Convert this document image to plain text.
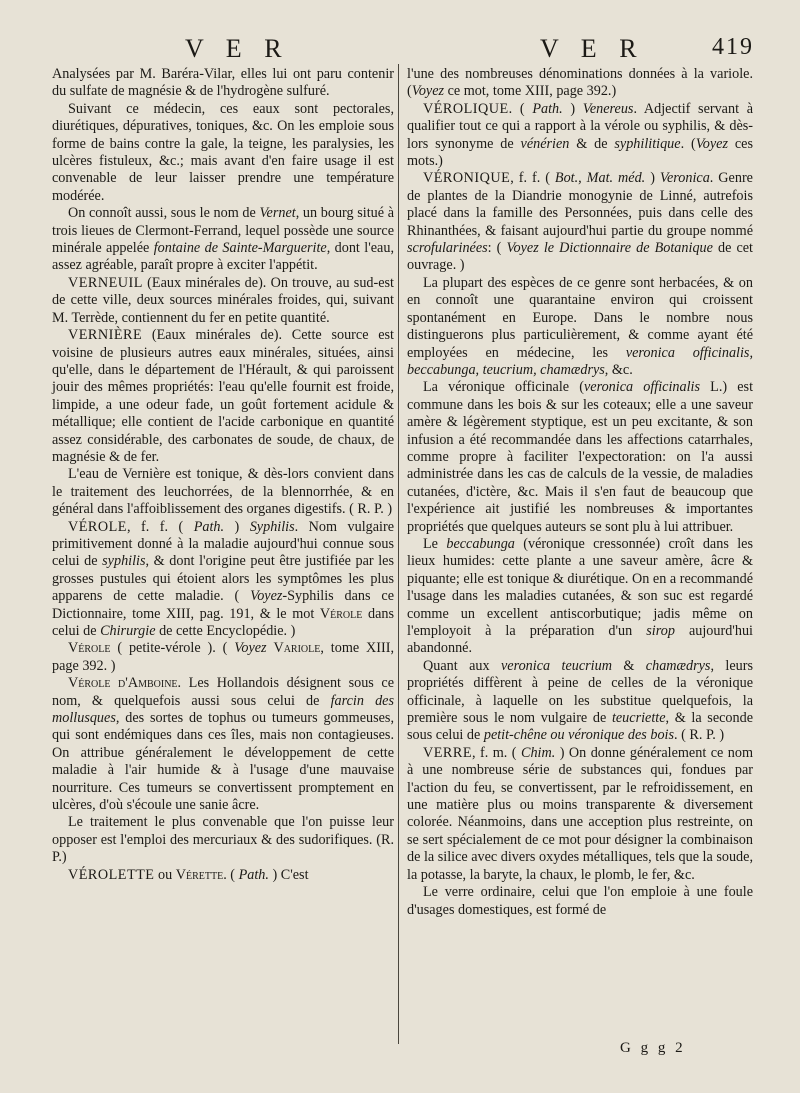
V E R	V E R	419

Analysées par M. Baréra-Vilar, elles lui ont paru contenir du sulfate de magnésie & de l'hydrogène sulfuré.

Suivant ce médecin, ces eaux sont pectorales, diurétiques, dépuratives, toniques, &c. On les emploie sous forme de bains contre la gale, la teigne, les paralysies, les ulcères fistuleux, &c.; mais avant d'en faire usage il est convenable de leur laisser prendre une température modérée.

On connoît aussi, sous le nom de Vernet, un bourg situé à trois lieues de Clermont-Ferrand, lequel possède une source minérale appelée fontaine de Sainte-Marguerite, dont l'eau, assez agréable, paraît propre à exciter l'appétit.

VERNEUIL (Eaux minérales de). On trouve, au sud-est de cette ville, deux sources minérales froides, qui, suivant M. Terrède, contiennent du fer en petite quantité.

VERNIÈRE (Eaux minérales de). Cette source est voisine de plusieurs autres eaux minérales, situées, ainsi qu'elle, dans le département de l'Hérault, & qui paroissent jouir des mêmes propriétés: l'eau qu'elle fournit est froide, limpide, a une odeur fade, un goût fortement acidule & métallique; elle contient de l'acide carbonique en quantité assez considérable, des carbonates de soude, de chaux, de magnésie & de fer.

L'eau de Vernière est tonique, & dès-lors convient dans le traitement des leuchorrées, de la blennorrhée, & en général dans l'affoiblissement des organes digestifs. ( R. P. )

VÉROLE, f. f. ( Path. ) Syphilis. Nom vulgaire primitivement donné à la maladie aujourd'hui connue sous celui de syphilis, & dont l'origine peut être justifiée par les grosses pustules qui étoient alors les symptômes les plus apparens de cette maladie. ( Voyez-Syphilis dans ce Dictionnaire, tome XIII, pag. 191, & le mot Vérole dans celui de Chirurgie de cette Encyclopédie. )

Vérole ( petite-vérole ). ( Voyez Variole, tome XIII, page 392. )

Vérole d'Amboine. Les Hollandois désignent sous ce nom, & quelquefois aussi sous celui de farcin des mollusques, des sortes de tophus ou tumeurs gommeuses, qui sont endémiques dans ces îles, mais non contagieuses. On attribue généralement le développement de cette maladie à l'air humide & à l'usage d'une mauvaise nourriture. Ces tumeurs se convertissent promptement en ulcères, d'où s'écoule une sanie âcre.

Le traitement le plus convenable que l'on puisse leur opposer est l'emploi des mercuriaux & des sudorifiques. (R. P.)

VÉROLETTE ou Vérette. ( Path. ) C'est

l'une des nombreuses dénominations données à la variole. (Voyez ce mot, tome XIII, page 392.)

VÉROLIQUE. ( Path. ) Venereus. Adjectif servant à qualifier tout ce qui a rapport à la vérole ou syphilis, & dès-lors synonyme de vénérien & de syphilitique. (Voyez ces mots.)

VÉRONIQUE, f. f. ( Bot., Mat. méd. ) Veronica. Genre de plantes de la Diandrie monogynie de Linné, autrefois placé dans la famille des Personnées, puis dans celle des Rhinanthées, & faisant aujourd'hui partie du groupe nommé scrofularinées: ( Voyez le Dictionnaire de Botanique de cet ouvrage. )

La plupart des espèces de ce genre sont herbacées, & on en connoît une quarantaine environ qui croissent spontanément en Europe. Dans le nombre nous distinguerons plus particulièrement, & comme ayant été employées en médecine, les veronica officinalis, beccabunga, teucrium, chamædrys, &c.

La véronique officinale (veronica officinalis L.) est commune dans les bois & sur les coteaux; elle a une saveur amère & légèrement styptique, est un peu excitante, & son infusion a été recommandée dans les affections catarrhales, comme propre à faciliter l'expectoration: on l'a aussi administrée dans les cas de calculs de la vessie, de maladies cutanées, d'ictère, &c. Mais il s'en faut de beaucoup que l'expérience ait justifié les nombreuses & importantes propriétés que quelques auteurs se sont plu à lui attribuer.

Le beccabunga (véronique cressonnée) croît dans les lieux humides: cette plante a une saveur amère, âcre & piquante; elle est tonique & diurétique. On en a recommandé l'usage dans les maladies cutanées, & son suc est regardé comme un excellent antiscorbutique; jadis même on l'employoit à la préparation d'un sirop aujourd'hui abandonné.

Quant aux veronica teucrium & chamædrys, leurs propriétés diffèrent à peine de celles de la véronique officinale, à laquelle on les substitue quelquefois, la première sous le nom vulgaire de teucriette, & la seconde sous celui de petit-chêne ou véronique des bois. ( R. P. )

VERRE, f. m. ( Chim. ) On donne généralement ce nom à une nombreuse série de substances qui, fondues par l'action du feu, se convertissent, par le refroidissement, en une matière plus ou moins transparente & diversement colorée. Néanmoins, dans une acception plus restreinte, on se sert spécialement de ce mot pour désigner la combinaison de la silice avec divers oxydes métalliques, tels que la soude, la potasse, la baryte, la chaux, le plomb, le fer, &c.

Le verre ordinaire, celui que l'on emploie à une foule d'usages domestiques, est formé de

G g g 2
